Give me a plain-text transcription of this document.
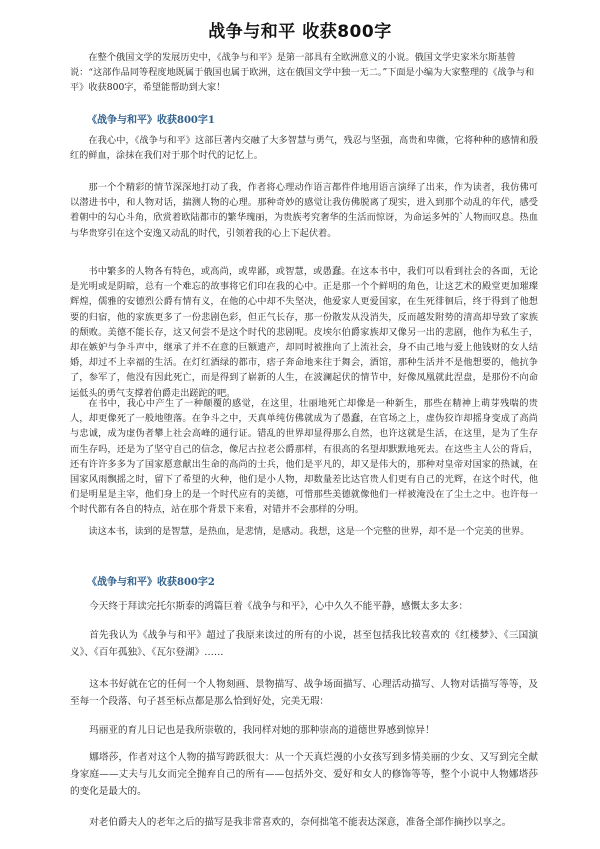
战争与和平 收获800字

在整个俄国文学的发展历史中，《战争与和平》是第一部具有全欧洲意义的小说。俄国文学史家米尔斯基曾说：“这部作品同等程度地既属于俄国也属于欧洲，这在俄国文学中独一无二。”下面是小编为大家整理的《战争与和平》收获800字，希望能帮助到大家！

《战争与和平》收获800字1

在我心中，《战争与和平》这部巨著内交融了大多智慧与勇气，残忍与坚强，高贵和卑微，它将种种的感情和殷红的鲜血，涂抹在我们对于那个时代的记忆上。

那一个个精彩的情节深深地打动了我，作者将心理动作语言都件件地用语言演绎了出来，作为读者，我仿佛可以潜进书中，和人物对话，揣测人物的心理。那种奇妙的感觉让我仿佛脱离了现实，进入到那个动乱的年代，感受着朝中的勾心斗角，欣赏着欧陆都市的繁华瑰丽，为贵族考究奢华的生活而惊讶，为命运多舛的`人物而叹息。热血与华贵穿引在这个安逸又动乱的时代，引领着我的心上下起伏着。

书中繁多的人物各有特色，或高尚，或卑鄙，或智慧，或愚蠢。在这本书中，我们可以看到社会的各面，无论是光明或是阴暗，总有一个难忘的故事将它们印在我的心中。正是那一个个鲜明的角色，让这艺术的殿堂更加璀璨辉煌，儒雅的安德烈公爵有情有义，在他的心中却不失坚决，他爱家人更爱国家，在生死徘徊后，终于得到了他想要的归宿，他的家族更多了一份悲剧色彩，但正气长存，那一份散发从没消失，反而越发附势的清高却导致了家族的颓败。美德不能长存，这又何尝不是这个时代的悲剧呢。皮埃尔伯爵家族却又像另一出的悲剧，他作为私生子，却在嫉妒与争斗声中，继承了并不在意的巨额遗产，却同时被推向了上流社会，身不由己地与爱上他钱财的女人结婚，却过不上幸福的生活。在灯红酒绿的都市，痞子奔命地来往于舞会，酒馆，那种生活并不是他想要的，他抗争了，参军了，他没有因此死亡，而是得到了崭新的人生，在波澜起伏的情节中，好像凤凰就此涅盘，是那份不向命运低头的勇气支撑着伯爵走出蹉跎的吧。

在书中，我心中产生了一种颠覆的感觉，在这里，壮丽地死亡却像是一种新生，那些在精神上萌芽残喘的贵人，却更像死了一般地堕落。在争斗之中，天真单纯仿佛就成为了愚蠢，在官场之上，虚伪狡诈却摇身变成了高尚与忠诚，成为虚伪者攀上社会高峰的通行证。错乱的世界却显得那么自然，也许这就是生活，在这里，是为了生存而生存吗，还是为了坚守自己的信念，像尼古拉老公爵那样，有很高的名望却默默地死去。在这些主人公的背后，还有许许多多为了国家愿意献出生命的高尚的士兵，他们是平凡的，却又是伟大的，那种对皇帝对国家的热诚，在国家风雨飘摇之时，留下了希望的火种，他们是小人物，却数量差比达官贵人们更有自己的光辉，在这个时代，他们是明星是主宰，他们身上的是一个时代应有的美德，可惜那些美德就像他们一样被淹没在了尘土之中。也许每一个时代都有各自的特点，站在那个背景下来看，对错并不会那样的分明。

读这本书，读到的是智慧，是热血，是悲情，是感动。我想，这是一个完整的世界，却不是一个完美的世界。

《战争与和平》收获800字2

今天终于拜读完托尔斯泰的鸿篇巨着《战争与和平》，心中久久不能平静，感慨太多太多：

首先我认为《战争与和平》超过了我原来读过的所有的小说，甚至包括我比较喜欢的《红楼梦》、《三国演义》、《百年孤独》、《瓦尔登湖》……

这本书好就在它的任何一个人物刻画、景物描写、战争场面描写、心理活动描写、人物对话描写等等，及至每一个段落、句子甚至标点都是那么恰到好处，完美无瑕：

玛丽亚的育儿日记也是我所崇敬的，我同样对她的那种崇高的道德世界感到惊异！

娜塔莎，作者对这个人物的描写跨跃很大：从一个天真烂漫的小女孩写到多情美丽的少女、又写到完全献身家庭——丈夫与儿女而完全抛弃自己的所有——包括外交、爱好和女人的修饰等等，整个小说中人物娜塔莎的变化是最大的。

对老伯爵夫人的老年之后的描写是我非常喜欢的，奈何拙笔不能表达深意，准备全部作摘抄以享之。
